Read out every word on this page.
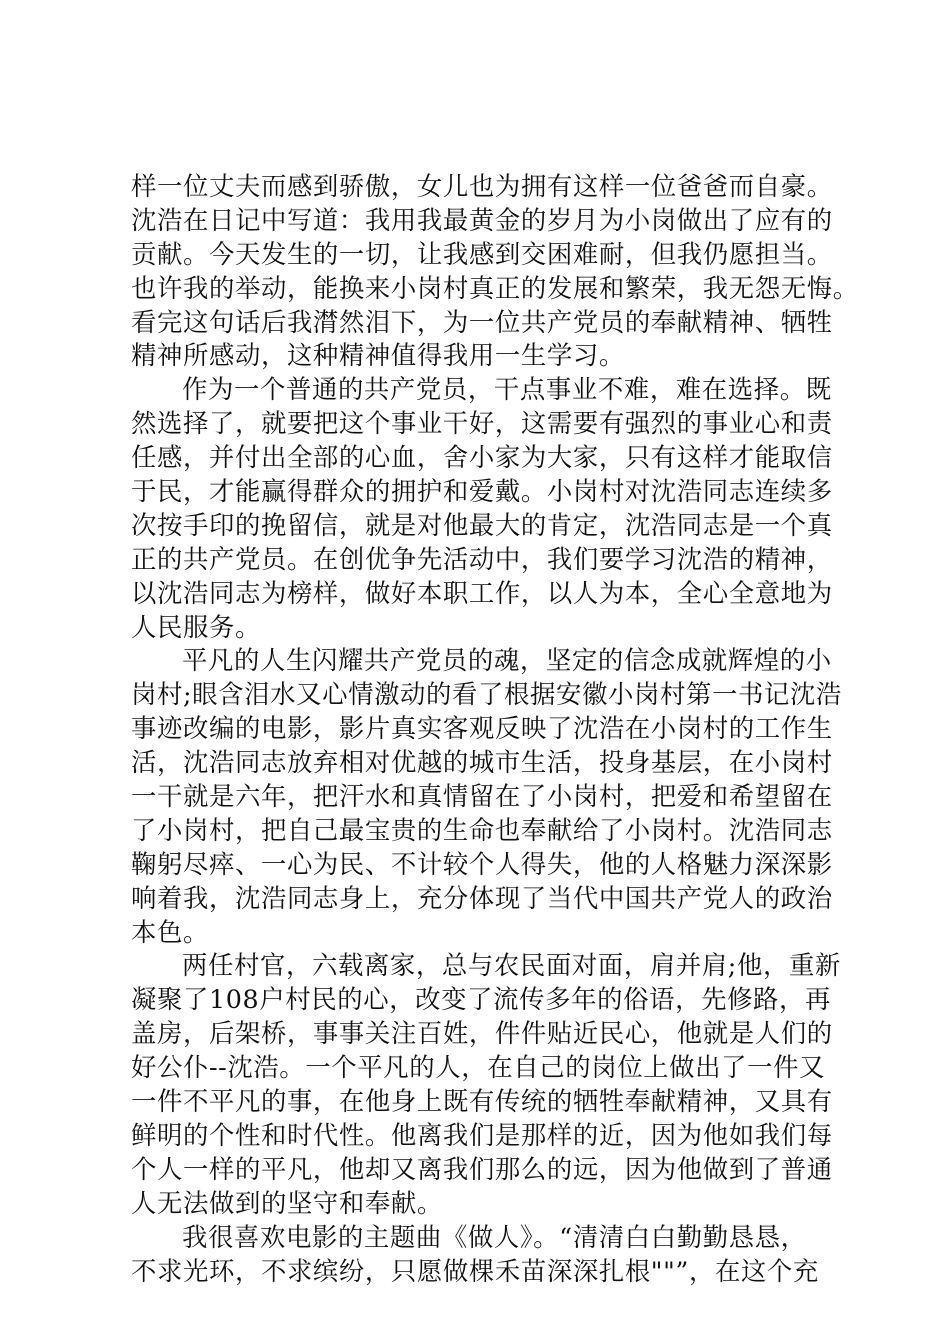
样一位丈夫而感到骄傲，女儿也为拥有这样一位爸爸而自豪。
沈浩在日记中写道：我用我最黄金的岁月为小岗做出了应有的
贡献。今天发生的一切，让我感到交困难耐，但我仍愿担当。
也许我的举动，能换来小岗村真正的发展和繁荣，我无怨无悔。
看完这句话后我潸然泪下，为一位共产党员的奉献精神、牺牲
精神所感动，这种精神值得我用一生学习。
作为一个普通的共产党员，干点事业不难，难在选择。既
然选择了，就要把这个事业干好，这需要有强烈的事业心和责
任感，并付出全部的心血，舍小家为大家，只有这样才能取信
于民，才能赢得群众的拥护和爱戴。小岗村对沈浩同志连续多
次按手印的挽留信，就是对他最大的肯定，沈浩同志是一个真
正的共产党员。在创优争先活动中，我们要学习沈浩的精神，
以沈浩同志为榜样，做好本职工作，以人为本，全心全意地为
人民服务。
平凡的人生闪耀共产党员的魂，坚定的信念成就辉煌的小
岗村;眼含泪水又心情激动的看了根据安徽小岗村第一书记沈浩
事迹改编的电影，影片真实客观反映了沈浩在小岗村的工作生
活，沈浩同志放弃相对优越的城市生活，投身基层，在小岗村
一干就是六年，把汗水和真情留在了小岗村，把爱和希望留在
了小岗村，把自己最宝贵的生命也奉献给了小岗村。沈浩同志
鞠躬尽瘁、一心为民、不计较个人得失，他的人格魅力深深影
响着我，沈浩同志身上，充分体现了当代中国共产党人的政治
本色。
两任村官，六载离家，总与农民面对面，肩并肩;他，重新
凝聚了108户村民的心，改变了流传多年的俗语，先修路，再
盖房，后架桥，事事关注百姓，件件贴近民心，他就是人们的
好公仆--沈浩。一个平凡的人，在自己的岗位上做出了一件又
一件不平凡的事，在他身上既有传统的牺牲奉献精神，又具有
鲜明的个性和时代性。他离我们是那样的近，因为他如我们每
个人一样的平凡，他却又离我们那么的远，因为他做到了普通
人无法做到的坚守和奉献。
我很喜欢电影的主题曲《做人》。“清清白白勤勤恳恳，
不求光环，不求缤纷，只愿做棵禾苗深深扎根""”，在这个充
